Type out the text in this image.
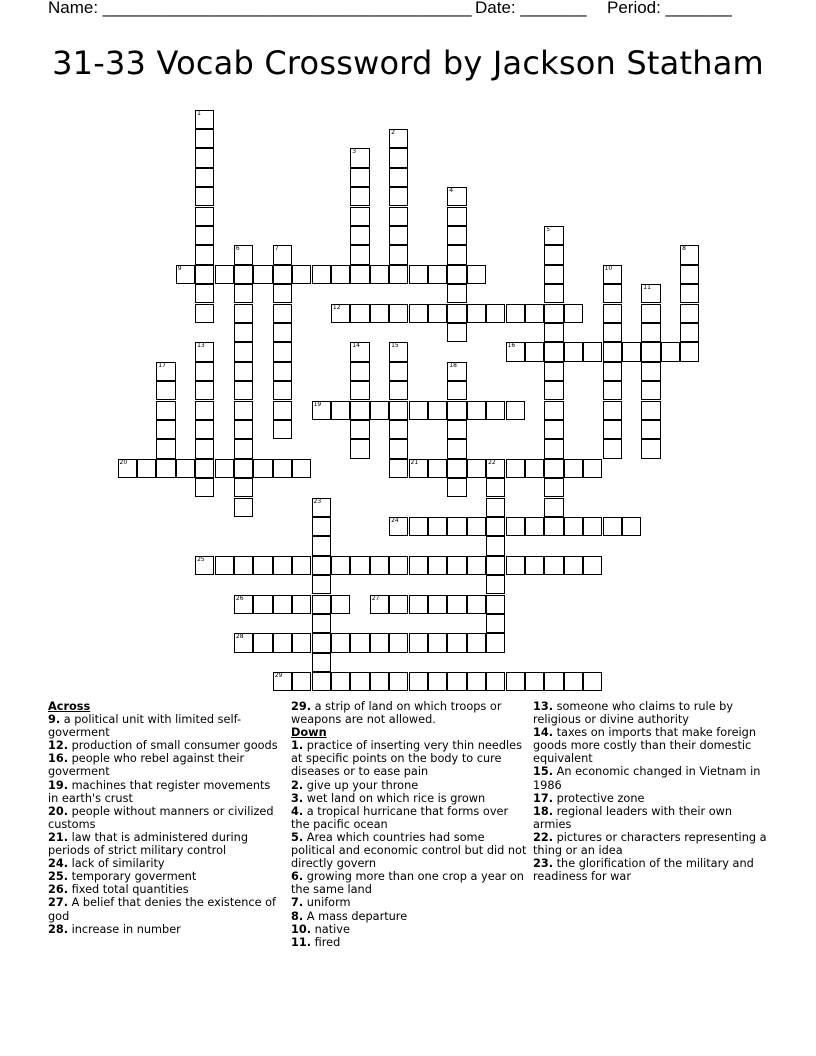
Name: _______________________________________

Date: _______

Period: _______

31-33 Vocab Crossword by Jackson Statham
1
2
3
4
5
6	7	8
9	10
11
12
13	14	15	16
17	18
19
20	21	22
23
24
25
26	27
28
29
Across
9. a political unit with limited self-goverment
12. production of small consumer goods
16. people who rebel against their goverment
19. machines that register movements in earth's crust
20. people without manners or civilized customs
21. law that is administered during periods of strict military control
24. lack of similarity
25. temporary goverment
26. fixed total quantities
27. A belief that denies the existence of god
28. increase in number
29. a strip of land on which troops or weapons are not allowed.
Down
1. practice of inserting very thin needles at specific points on the body to cure diseases or to ease pain
2. give up your throne
3. wet land on which rice is grown
4. a tropical hurricane that forms over the pacific ocean
5. Area which countries had some political and economic control but did not directly govern
6. growing more than one crop a year on the same land
7. uniform
8. A mass departure
10. native
11. fired
13. someone who claims to rule by religious or divine authority
14. taxes on imports that make foreign goods more costly than their domestic equivalent
15. An economic changed in Vietnam in 1986
17. protective zone
18. regional leaders with their own armies
22. pictures or characters representing a thing or an idea
23. the glorification of the military and readiness for war
